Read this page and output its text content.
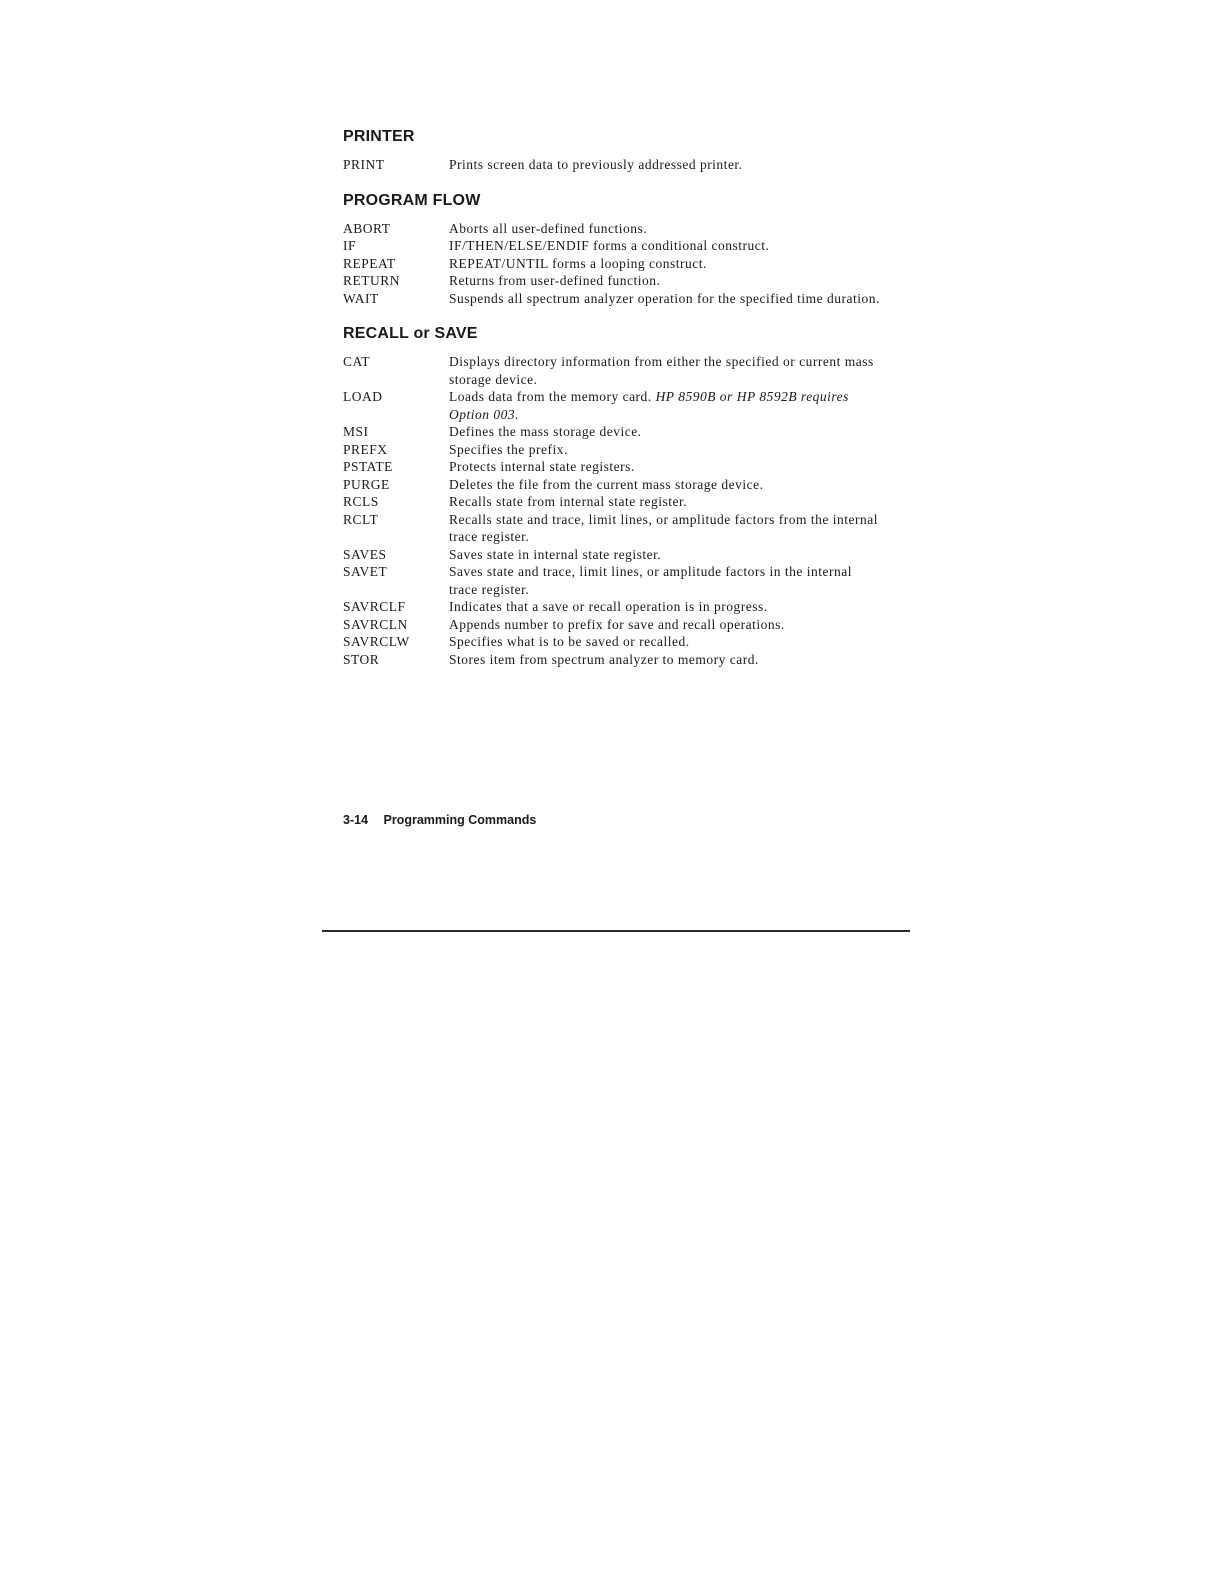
PRINTER
PRINT	Prints screen data to previously addressed printer.
PROGRAM FLOW
ABORT	Aborts all user-defined functions.
IF	IF/THEN/ELSE/ENDIF forms a conditional construct.
REPEAT	REPEAT/UNTIL forms a looping construct.
RETURN	Returns from user-defined function.
WAIT	Suspends all spectrum analyzer operation for the specified time duration.
RECALL or SAVE
CAT	Displays directory information from either the specified or current mass storage device.
LOAD	Loads data from the memory card. HP 8590B or HP 8592B requires Option 003.
MSI	Defines the mass storage device.
PREFX	Specifies the prefix.
PSTATE	Protects internal state registers.
PURGE	Deletes the file from the current mass storage device.
RCLS	Recalls state from internal state register.
RCLT	Recalls state and trace, limit lines, or amplitude factors from the internal trace register.
SAVES	Saves state in internal state register.
SAVET	Saves state and trace, limit lines, or amplitude factors in the internal trace register.
SAVRCLF	Indicates that a save or recall operation is in progress.
SAVRCLN	Appends number to prefix for save and recall operations.
SAVRCLW	Specifies what is to be saved or recalled.
STOR	Stores item from spectrum analyzer to memory card.
3-14 Programming Commands
